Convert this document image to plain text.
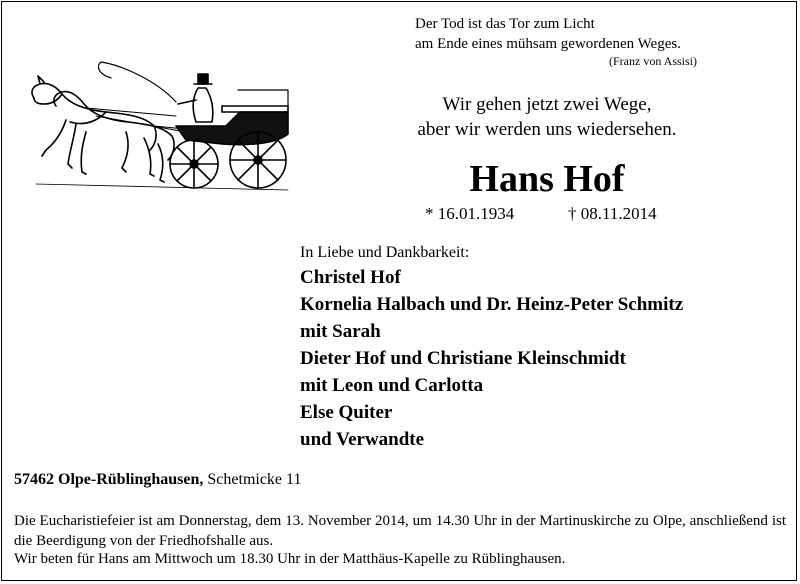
Der Tod ist das Tor zum Licht
am Ende eines mühsam gewordenen Weges.
(Franz von Assisi)
Wir gehen jetzt zwei Wege,
aber wir werden uns wiedersehen.
Hans Hof
* 16.01.1934	† 08.11.2014
In Liebe und Dankbarkeit:
Christel Hof
Kornelia Halbach und Dr. Heinz-Peter Schmitz
mit Sarah
Dieter Hof und Christiane Kleinschmidt
mit Leon und Carlotta
Else Quiter
und Verwandte
57462 Olpe-Rüblinghausen, Schetmicke 11
Die Eucharistiefeier ist am Donnerstag, dem 13. November 2014, um 14.30 Uhr in der Martinuskirche zu Olpe, anschließend ist die Beerdigung von der Friedhofshalle aus.
Wir beten für Hans am Mittwoch um 18.30 Uhr in der Matthäus-Kapelle zu Rüblinghausen.
